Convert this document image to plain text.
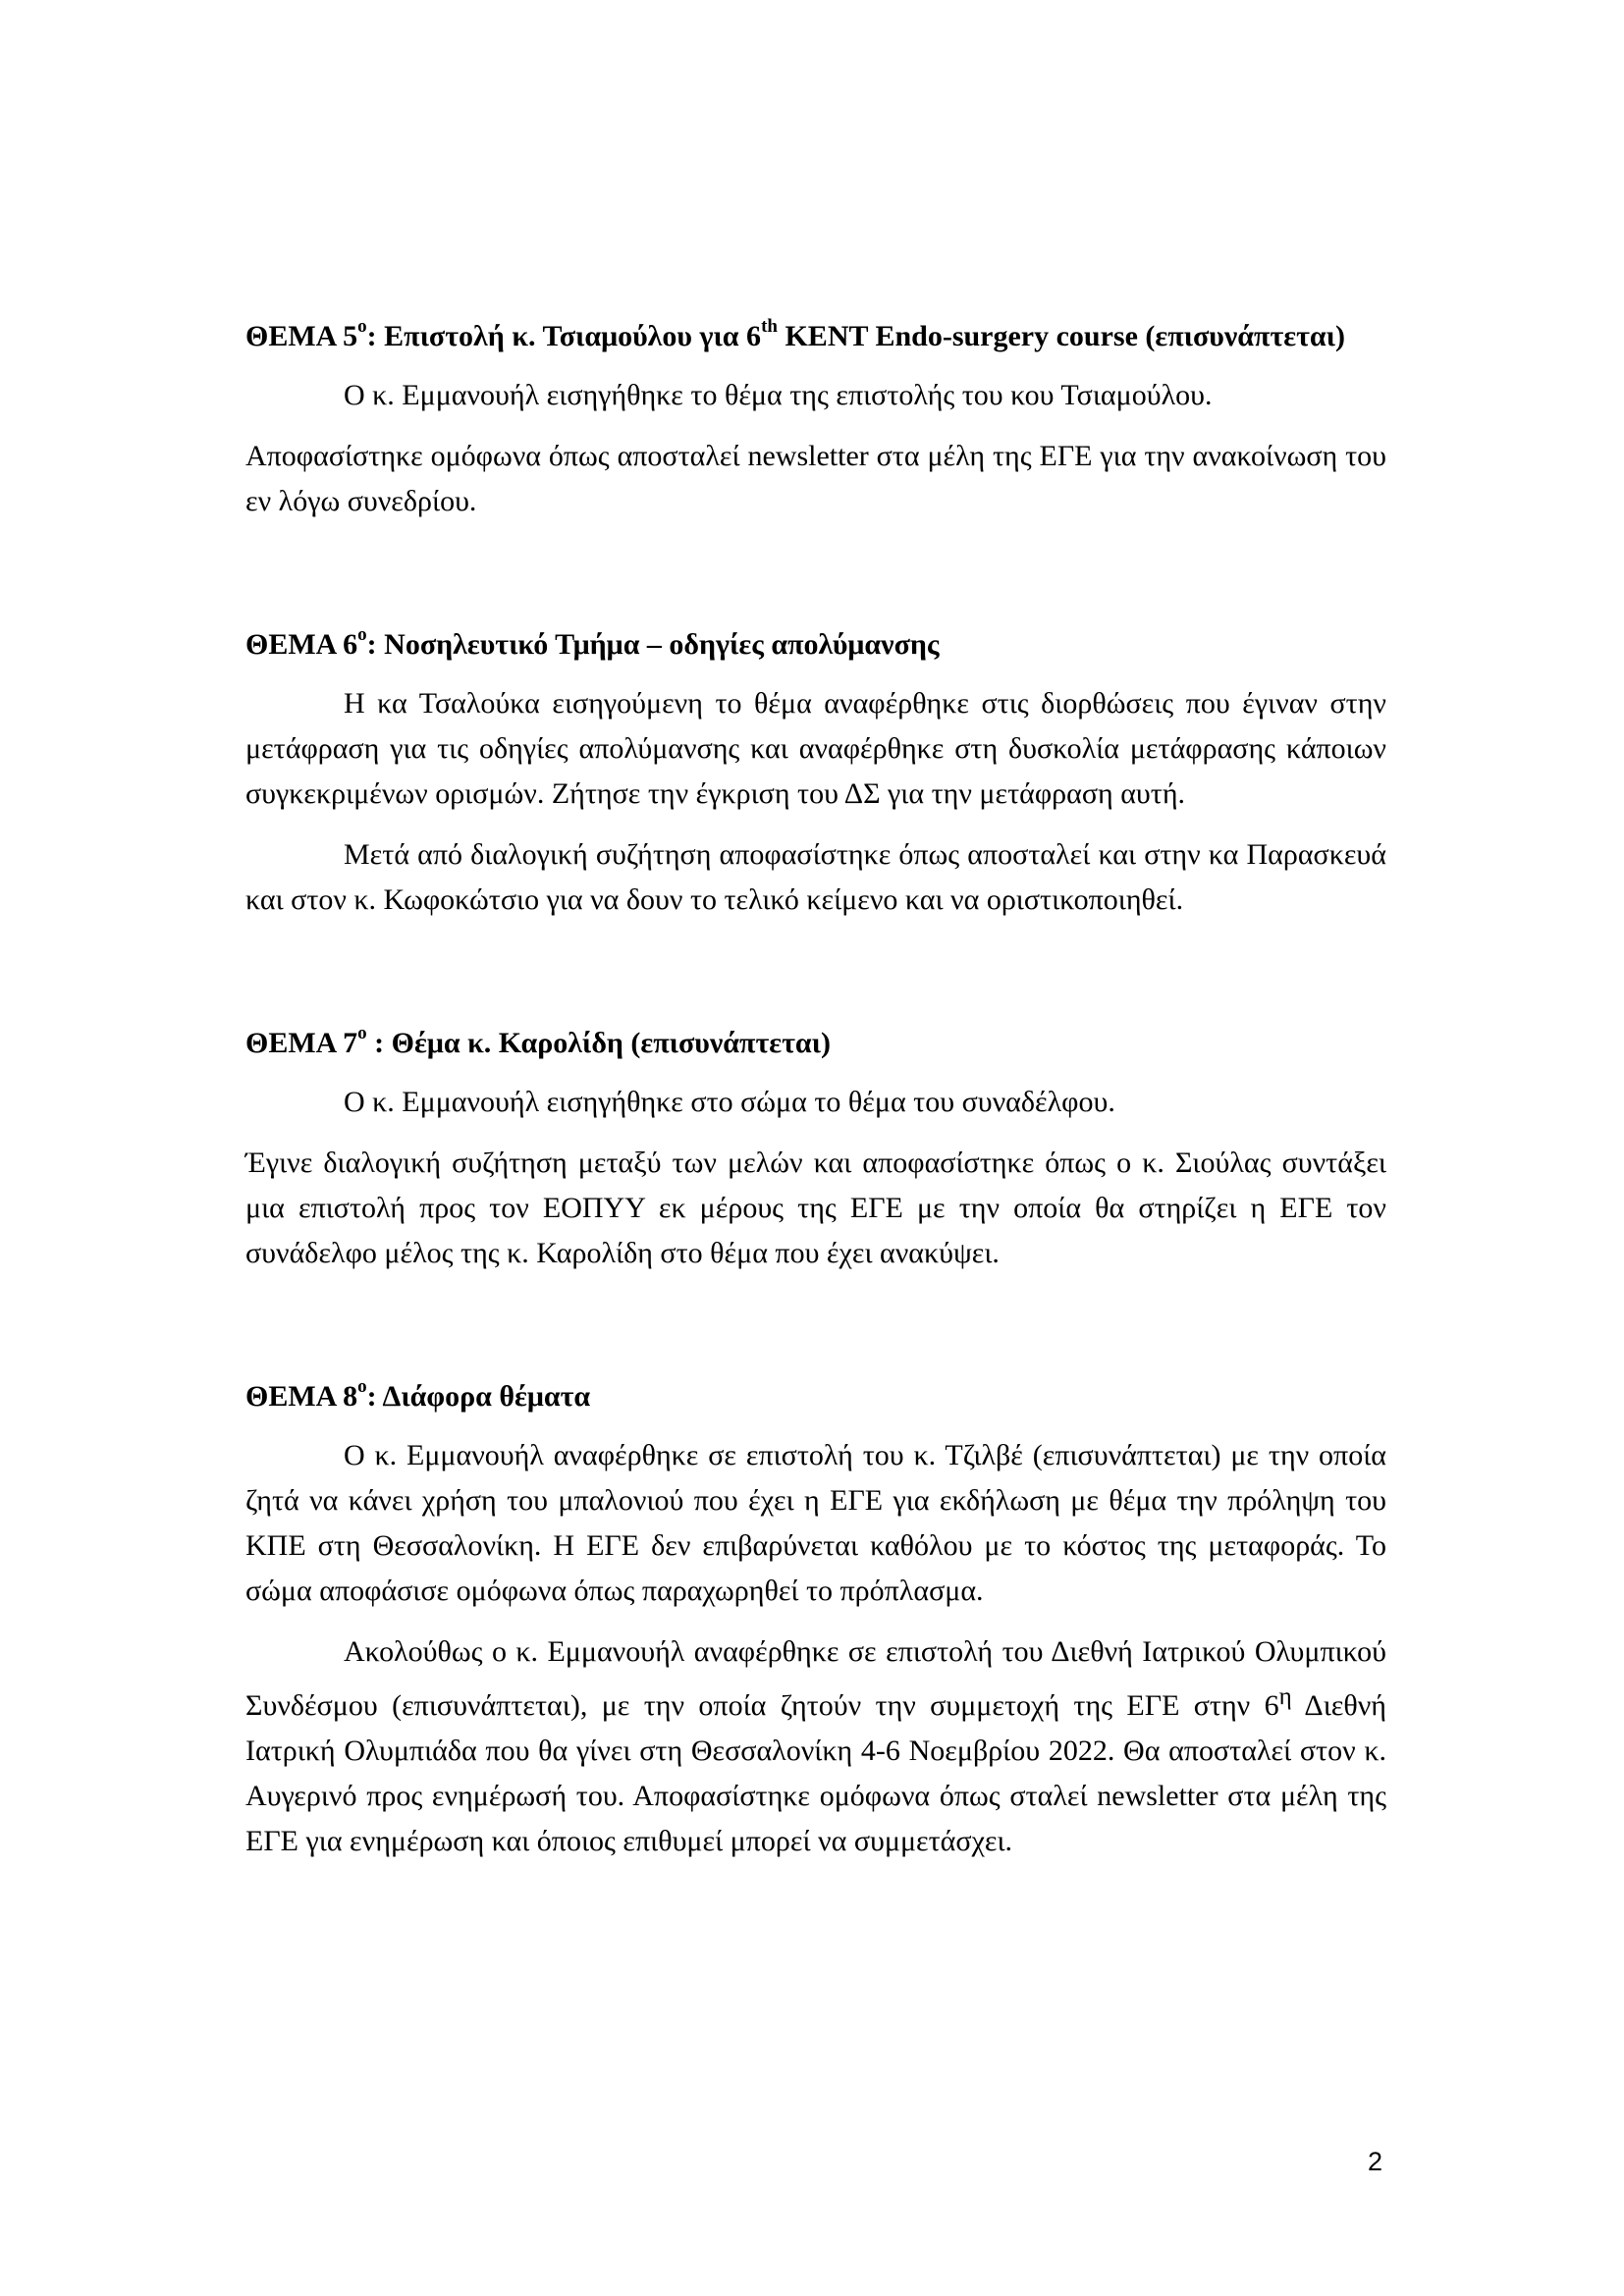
ΘΕΜΑ $5^o$: Επιστολή κ. Τσιαμούλου για 6th KENT Endo-surgery course (επισυνάπτεται)

Ο κ. Εμμανουήλ εισηγήθηκε το θέμα της επιστολής του κου Τσιαμούλου.

Αποφασίστηκε ομόφωνα όπως αποσταλεί newsletter στα μέλη της ΕΓΕ για την ανακοίνωση του εν λόγω συνεδρίου.

ΘΕΜΑ $6^o$: Νοσηλευτικό Τμήμα – οδηγίες απολύμανσης

Η κα Τσαλούκα εισηγούμενη το θέμα αναφέρθηκε στις διορθώσεις που έγιναν στην μετάφραση για τις οδηγίες απολύμανσης και αναφέρθηκε στη δυσκολία μετάφρασης κάποιων συγκεκριμένων ορισμών. Ζήτησε την έγκριση του ΔΣ για την μετάφραση αυτή.

Μετά από διαλογική συζήτηση αποφασίστηκε όπως αποσταλεί και στην κα Παρασκευά και στον κ. Κωφοκώτσιο για να δουν το τελικό κείμενο και να οριστικοποιηθεί.

ΘΕΜΑ $7^o$ : Θέμα κ. Καρολίδη (επισυνάπτεται)

Ο κ. Εμμανουήλ εισηγήθηκε στο σώμα το θέμα του συναδέλφου.

Έγινε διαλογική συζήτηση μεταξύ των μελών και αποφασίστηκε όπως ο κ. Σιούλας συντάξει μια επιστολή προς τον ΕΟΠΥΥ εκ μέρους της ΕΓΕ με την οποία θα στηρίζει η ΕΓΕ τον συνάδελφο μέλος της κ. Καρολίδη στο θέμα που έχει ανακύψει.

ΘΕΜΑ $8^o$: Διάφορα θέματα

Ο κ. Εμμανουήλ αναφέρθηκε σε επιστολή του κ. Τζιλβέ (επισυνάπτεται) με την οποία ζητά να κάνει χρήση του μπαλονιού που έχει η ΕΓΕ για εκδήλωση με θέμα την πρόληψη του ΚΠΕ στη Θεσσαλονίκη. Η ΕΓΕ δεν επιβαρύνεται καθόλου με το κόστος της μεταφοράς. Το σώμα αποφάσισε ομόφωνα όπως παραχωρηθεί το πρόπλασμα.

Ακολούθως ο κ. Εμμανουήλ αναφέρθηκε σε επιστολή του Διεθνή Ιατρικού Ολυμπικού Συνδέσμου (επισυνάπτεται), με την οποία ζητούν την συμμετοχή της ΕΓΕ στην $6^\eta$ Διεθνή Ιατρική Ολυμπιάδα που θα γίνει στη Θεσσαλονίκη 4-6 Νοεμβρίου 2022. Θα αποσταλεί στον κ. Αυγερινό προς ενημέρωσή του. Αποφασίστηκε ομόφωνα όπως σταλεί newsletter στα μέλη της ΕΓΕ για ενημέρωση και όποιος επιθυμεί μπορεί να συμμετάσχει.

2
